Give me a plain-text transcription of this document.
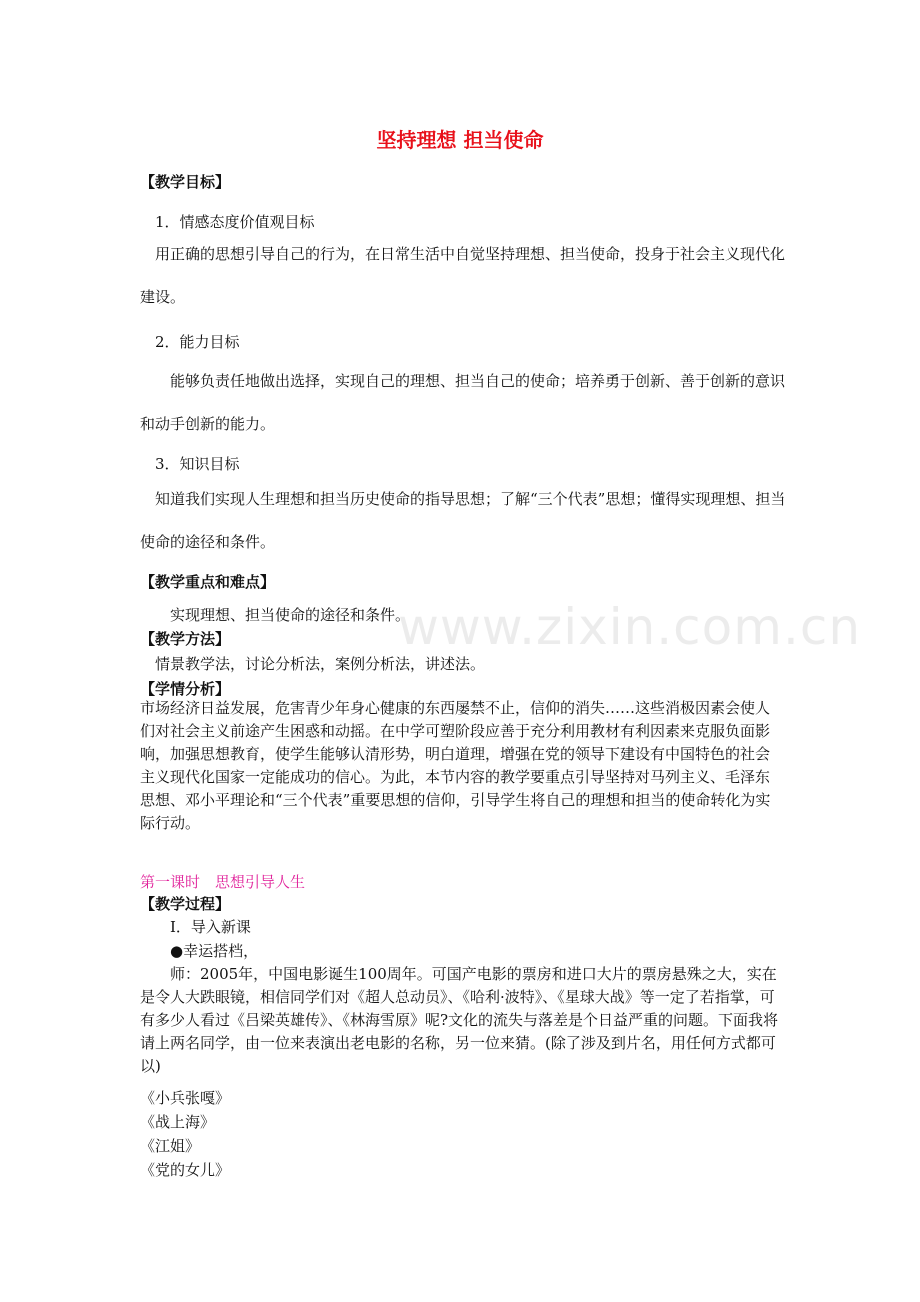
www.zixin.com.cn
坚持理想 担当使命
【教学目标】
1．情感态度价值观目标
用正确的思想引导自己的行为，在日常生活中自觉坚持理想、担当使命，投身于社会主义现代化建设。
2．能力目标
能够负责任地做出选择，实现自己的理想、担当自己的使命；培养勇于创新、善于创新的意识和动手创新的能力。
3．知识目标
知道我们实现人生理想和担当历史使命的指导思想；了解“三个代表”思想；懂得实现理想、担当使命的途径和条件。
【教学重点和难点】
实现理想、担当使命的途径和条件。
【教学方法】
情景教学法，讨论分析法，案例分析法，讲述法。
【学情分析】
市场经济日益发展，危害青少年身心健康的东西屡禁不止，信仰的消失……这些消极因素会使人们对社会主义前途产生困惑和动摇。在中学可塑阶段应善于充分利用教材有利因素来克服负面影响，加强思想教育，使学生能够认清形势，明白道理，增强在党的领导下建设有中国特色的社会主义现代化国家一定能成功的信心。为此，本节内容的教学要重点引导坚持对马列主义、毛泽东思想、邓小平理论和“三个代表”重要思想的信仰，引导学生将自己的理想和担当的使命转化为实际行动。
第一课时　思想引导人生
【教学过程】
Ⅰ．导入新课
●幸运搭档，
师：2005年，中国电影诞生100周年。可国产电影的票房和进口大片的票房悬殊之大，实在是令人大跌眼镜，相信同学们对《超人总动员》、《哈利·波特》、《星球大战》等一定了若指掌，可有多少人看过《吕梁英雄传》、《林海雪原》呢?文化的流失与落差是个日益严重的问题。下面我将请上两名同学，由一位来表演出老电影的名称，另一位来猜。(除了涉及到片名，用任何方式都可以)
《小兵张嘎》
《战上海》
《江姐》
《党的女儿》
